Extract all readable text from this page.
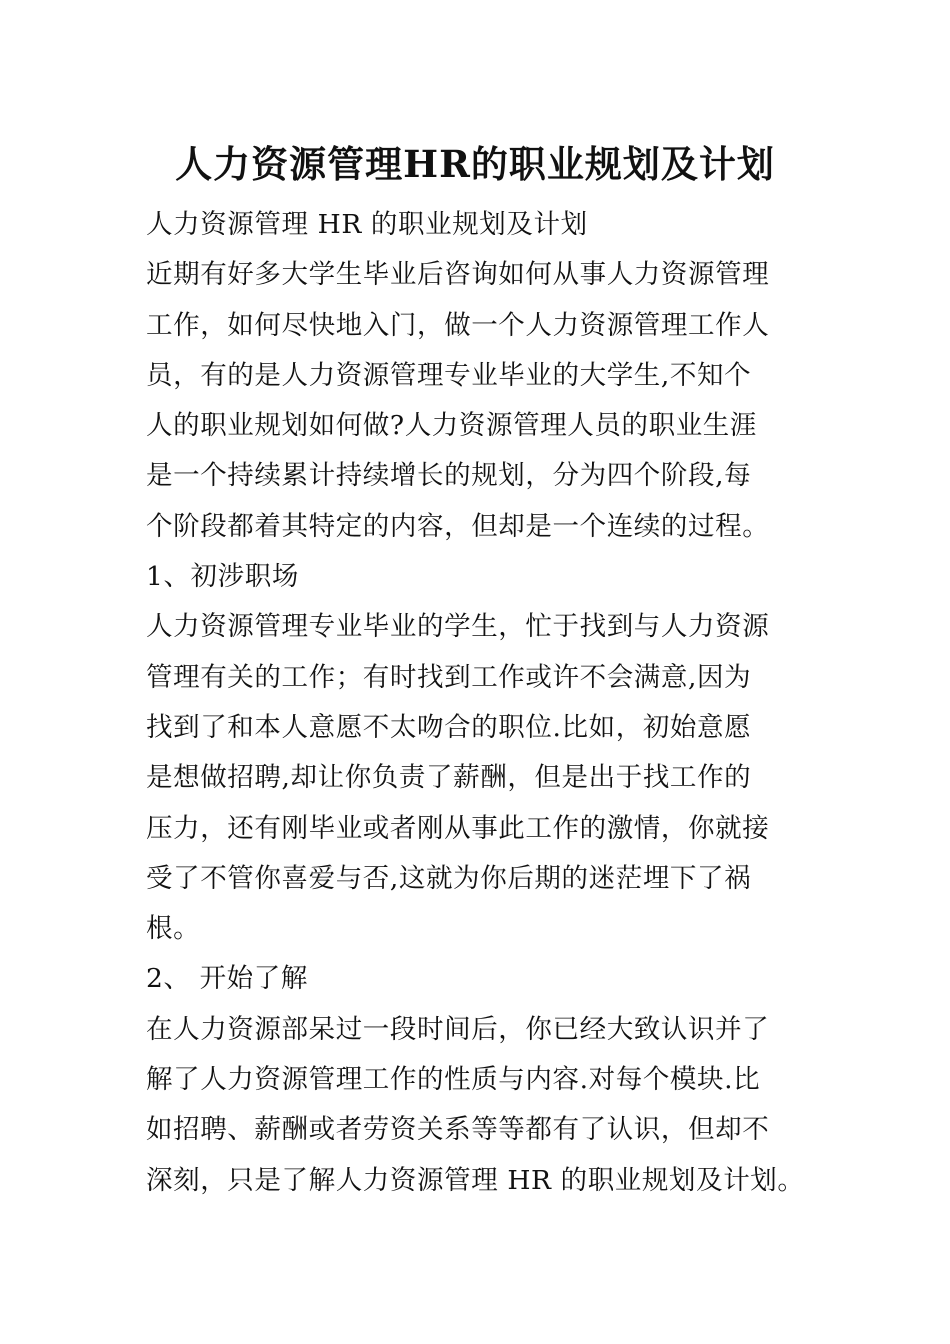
人力资源管理HR的职业规划及计划
人力资源管理 HR 的职业规划及计划
近期有好多大学生毕业后咨询如何从事人力资源管理
工作，如何尽快地入门，做一个人力资源管理工作人
员，有的是人力资源管理专业毕业的大学生,不知个
人的职业规划如何做?人力资源管理人员的职业生涯
是一个持续累计持续增长的规划，分为四个阶段,每
个阶段都着其特定的内容，但却是一个连续的过程。
1、初涉职场
人力资源管理专业毕业的学生，忙于找到与人力资源
管理有关的工作；有时找到工作或许不会满意,因为
找到了和本人意愿不太吻合的职位.比如，初始意愿
是想做招聘,却让你负责了薪酬，但是出于找工作的
压力，还有刚毕业或者刚从事此工作的激情，你就接
受了不管你喜爱与否,这就为你后期的迷茫埋下了祸
根。
2、 开始了解
在人力资源部呆过一段时间后，你已经大致认识并了
解了人力资源管理工作的性质与内容.对每个模块.比
如招聘、薪酬或者劳资关系等等都有了认识，但却不
深刻，只是了解人力资源管理 HR 的职业规划及计划。
